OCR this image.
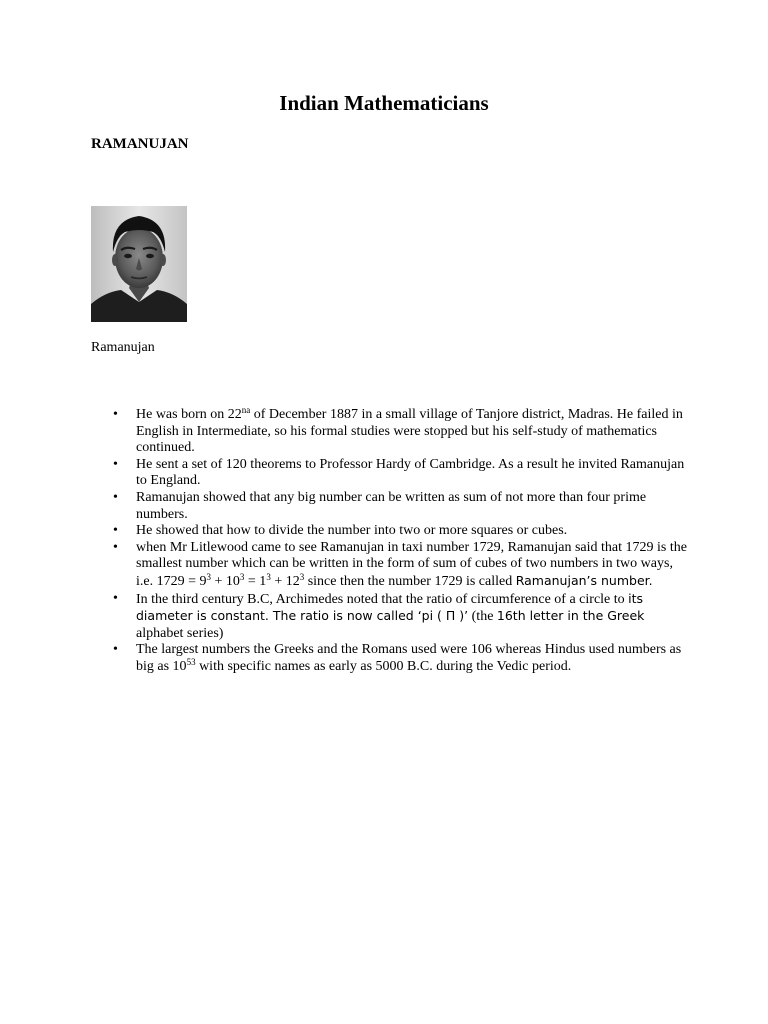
Indian Mathematicians
RAMANUJAN
Ramanujan
• He was born on $22^{na}$ of December 1887 in a small village of Tanjore district, Madras. He failed in English in Intermediate, so his formal studies were stopped but his self-study of mathematics continued.
• He sent a set of 120 theorems to Professor Hardy of Cambridge. As a result he invited Ramanujan to England.
• Ramanujan showed that any big number can be written as sum of not more than four prime numbers.
• He showed that how to divide the number into two or more squares or cubes.
• when Mr Litlewood came to see Ramanujan in taxi number 1729, Ramanujan said that 1729 is the smallest number which can be written in the form of sum of cubes of two numbers in two ways, i.e. $1729 = 9^3 + 10^3 = 1^3 + 12^3$ since then the number 1729 is called Ramanujan’s number.
• In the third century B.C, Archimedes noted that the ratio of circumference of a circle to its diameter is constant. The ratio is now called ‘pi ( Π )’ (the 16th letter in the Greek alphabet series)
• The largest numbers the Greeks and the Romans used were 106 whereas Hindus used numbers as big as $10^{53}$ with specific names as early as 5000 B.C. during the Vedic period.
